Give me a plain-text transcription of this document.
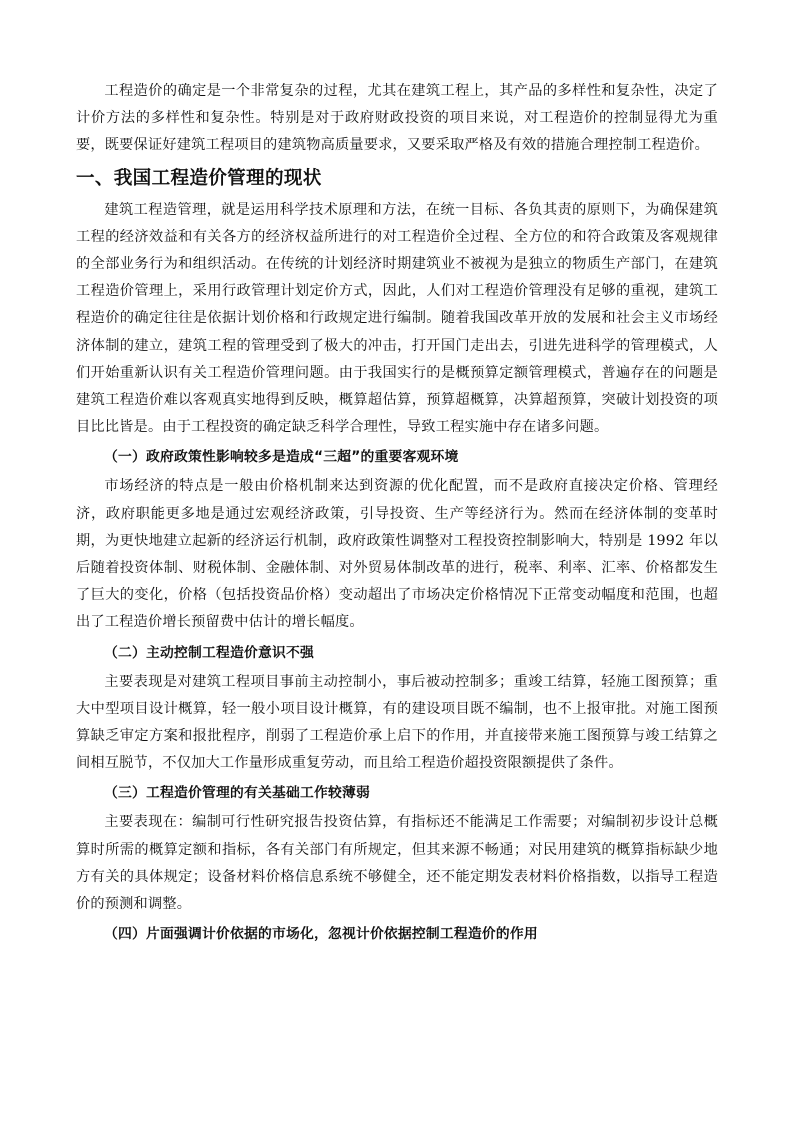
工程造价的确定是一个非常复杂的过程，尤其在建筑工程上，其产品的多样性和复杂性，决定了计价方法的多样性和复杂性。特别是对于政府财政投资的项目来说，对工程造价的控制显得尤为重要，既要保证好建筑工程项目的建筑物高质量要求，又要采取严格及有效的措施合理控制工程造价。

一、我国工程造价管理的现状

建筑工程造管理，就是运用科学技术原理和方法，在统一目标、各负其责的原则下，为确保建筑工程的经济效益和有关各方的经济权益所进行的对工程造价全过程、全方位的和符合政策及客观规律的全部业务行为和组织活动。在传统的计划经济时期建筑业不被视为是独立的物质生产部门，在建筑工程造价管理上，采用行政管理计划定价方式，因此，人们对工程造价管理没有足够的重视，建筑工程造价的确定往往是依据计划价格和行政规定进行编制。随着我国改革开放的发展和社会主义市场经济体制的建立，建筑工程的管理受到了极大的冲击，打开国门走出去，引进先进科学的管理模式，人们开始重新认识有关工程造价管理问题。由于我国实行的是概预算定额管理模式，普遍存在的问题是建筑工程造价难以客观真实地得到反映，概算超估算，预算超概算，决算超预算，突破计划投资的项目比比皆是。由于工程投资的确定缺乏科学合理性，导致工程实施中存在诸多问题。

（一）政府政策性影响较多是造成“三超”的重要客观环境

市场经济的特点是一般由价格机制来达到资源的优化配置，而不是政府直接决定价格、管理经济，政府职能更多地是通过宏观经济政策，引导投资、生产等经济行为。然而在经济体制的变革时期，为更快地建立起新的经济运行机制，政府政策性调整对工程投资控制影响大，特别是 1992 年以后随着投资体制、财税体制、金融体制、对外贸易体制改革的进行，税率、利率、汇率、价格都发生了巨大的变化，价格（包括投资品价格）变动超出了市场决定价格情况下正常变动幅度和范围，也超出了工程造价增长预留费中估计的增长幅度。

（二）主动控制工程造价意识不强

主要表现是对建筑工程项目事前主动控制小，事后被动控制多；重竣工结算，轻施工图预算；重大中型项目设计概算，轻一般小项目设计概算，有的建设项目既不编制，也不上报审批。对施工图预算缺乏审定方案和报批程序，削弱了工程造价承上启下的作用，并直接带来施工图预算与竣工结算之间相互脱节，不仅加大工作量形成重复劳动，而且给工程造价超投资限额提供了条件。

（三）工程造价管理的有关基础工作较薄弱

主要表现在：编制可行性研究报告投资估算，有指标还不能满足工作需要；对编制初步设计总概算时所需的概算定额和指标，各有关部门有所规定，但其来源不畅通；对民用建筑的概算指标缺少地方有关的具体规定；设备材料价格信息系统不够健全，还不能定期发表材料价格指数，以指导工程造价的预测和调整。

（四）片面强调计价依据的市场化，忽视计价依据控制工程造价的作用
